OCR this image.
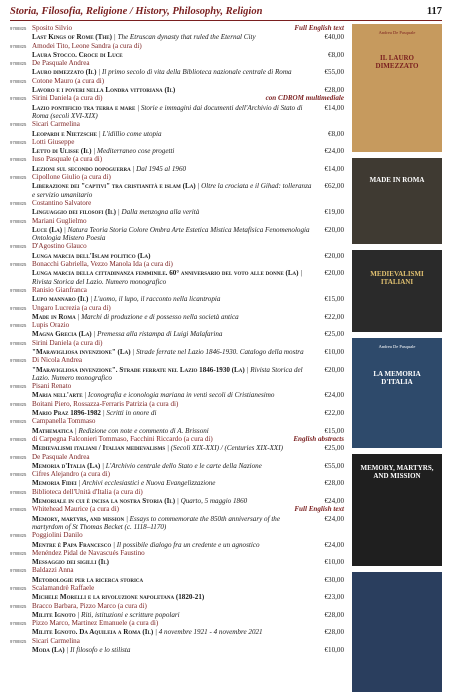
Storia, Filosofia, Religione / History, Philosophy, Religion	117
9788825 Sposito Silvio	Full English text
Last Kings of Rome (The) | The Etruscan dynasty that ruled the Eternal City	€40,00
9788825 Amodei Tito, Leone Sandra (a cura di)
Laura Stocco. Croce di Luce	€8,00
9788825 De Pasquale Andrea
Lauro dimezzato (Il) | Il primo secolo di vita della Biblioteca nazionale centrale di Roma	€55,00
9788825 Cotone Mauro (a cura di)
Lavoro e i poveri nella Londra vittoriana (Il)	€28,00
9788825 Sirini Daniela (a cura di)	con CDROM multimediale
Lazio pontificio tra terra e mare | Storie e immagini dai documenti dell'Archivio di Stato di Roma (secoli XVI-XIX)
€14,00
9788825 Sicari Carmelina
Leopardi e Nietzsche | L'idillio come utopia	€8,00
9788825 Lotti Giuseppe
Letto di Ulisse (Il) | Mediterraneo cose progetti	€24,00
9788825 Iuso Pasquale (a cura di)
Lezioni sul secondo dopoguerra | Dal 1945 al 1960	€14,00
9788825 Cipollone Giulio (a cura di)
Liberazione dei "captivi" tra cristianità e islam (La) | Oltre la crociata e il Gihad: tolleranza e servizio umanitario
€62,00
9788825 Costantino Salvatore
Linguaggio dei filosofi (Il) | Dalla menzogna alla verità	€19,00
9788825 Mariani Guglielmo
Luce (La) | Natura Teoria Storia Colore Ombra Arte Estetica Mistica Metafisica Fenomenologia Ontologia Mistero Poesia
€20,00
9788825 D'Agostino Glauco
Lunga marcia dell'Islam politico (La)	€20,00
9788825 Bonacchi Gabriella, Vezzo Manola Ida (a cura di)
Lunga marcia della cittadinanza femminile. 60° anniversario del voto alle donne (La) | Rivista Storica del Lazio. Numero monografico
€20,00
9788825 Ranisio Gianfranca
Lupo mannaro (Il) | L'uomo, il lupo, il racconto nella licantropia	€15,00
9788825 Ungaro Lucrezia (a cura di)
Made in Roma | Marchi di produzione e di possesso nella società antica	€22,00
9788825 Lupis Orazio
Magna Grecia (La) | Premessa alla ristampa di Luigi Malafarina	€25,00
9788825 Sirini Daniela (a cura di)
"Maravigliosa invenzione" (La) | Strade ferrate nel Lazio 1846-1930. Catalogo della mostra	€10,00
9788825 Di Nicola Andrea
"Maravigliosa invenzione". Strade ferrate nel Lazio 1846-1930 (La) | Rivista Storica del Lazio. Numero monografico
€20,00
9788825 Pisani Renato
Maria nell'arte | Iconografia e iconologia mariana in venti secoli di Cristianesimo	€24,00
9788825 Boitani Piero, Rossazza-Ferraris Patrizia (a cura di)
Mario Praz 1896-1982 | Scritti in onore di	€22,00
9788825 Campanella Tommaso
Mathematica | Redizione con note e commento di A. Brissoni	€15,00
9788825 di Carpegna Falconieri Tommaso, Facchini Riccardo (a cura di)	English abstracts
Medievalismi italiani / Italian medievalisms | (Secoli XIX-XXI) / (Centuries XIX-XXI)	€25,00
9788825 De Pasquale Andrea
Memoria d'Italia (La) | L'Archivio centrale dello Stato e le carte della Nazione	€55,00
9788825 Cifres Alejandro (a cura di)
Memoria Fidei | Archivi ecclesiastici e Nuova Evangelizzazione	€28,00
9788825 Biblioteca dell'Unità d'Italia (a cura di)
Memoriale in cui è incisa la nostra Storia (Il) | Quarto, 5 maggio 1860	€24,00
9788825 Whitehead Maurice (a cura di)	Full English text
Memory, martyrs, and mission | Essays to commemorate the 850th anniversary of the martyrdom of St Thomas Becket (c. 1118–1170)
€24,00
9788825 Poggiolini Danilo
Mentre è Papa Francesco | Il possibile dialogo fra un credente e un agnostico	€24,00
9788825 Menéndez Pidal de Navascués Faustino
Messaggio dei sigilli (Il)	€10,00
9788825 Baldazzi Anna
Metodologie per la ricerca storica	€30,00
9788825 Scalamandrè Raffaele
Michele Morelli e la rivoluzione napoletana (1820-21)	€23,00
9788825 Bracco Barbara, Pizzo Marco (a cura di)
Milite Ignoto | Riti, istituzioni e scritture popolari	€28,00
9788825 Pizzo Marco, Martinez Emanuele (a cura di)
Milite Ignoto. Da Aquileia a Roma (Il) | 4 novembre 1921 - 4 novembre 2021	€28,00
9788825 Sicari Carmelina
Moda (La) | Il filosofo e lo stilista	€10,00
Andrea De Pasquale
IL LAURO DIMEZZATO
MADE IN ROMA
MEDIEVALISMI ITALIANI
Andrea De Pasquale
LA MEMORIA D'ITALIA
MEMORY, MARTYRS, AND MISSION
